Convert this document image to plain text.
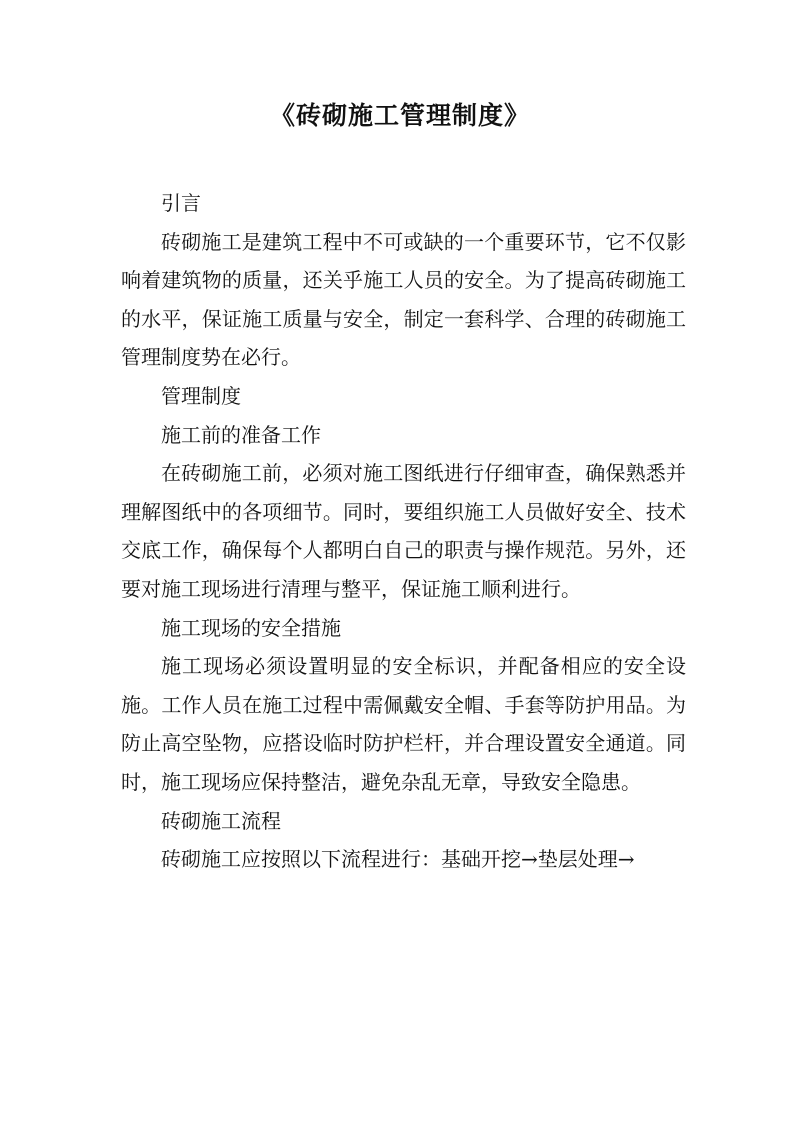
《砖砌施工管理制度》

引言

砖砌施工是建筑工程中不可或缺的一个重要环节，它不仅影响着建筑物的质量，还关乎施工人员的安全。为了提高砖砌施工的水平，保证施工质量与安全，制定一套科学、合理的砖砌施工管理制度势在必行。

管理制度

施工前的准备工作

在砖砌施工前，必须对施工图纸进行仔细审查，确保熟悉并理解图纸中的各项细节。同时，要组织施工人员做好安全、技术交底工作，确保每个人都明白自己的职责与操作规范。另外，还要对施工现场进行清理与整平，保证施工顺利进行。

施工现场的安全措施

施工现场必须设置明显的安全标识，并配备相应的安全设施。工作人员在施工过程中需佩戴安全帽、手套等防护用品。为防止高空坠物，应搭设临时防护栏杆，并合理设置安全通道。同时，施工现场应保持整洁，避免杂乱无章，导致安全隐患。

砖砌施工流程

砖砌施工应按照以下流程进行：基础开挖→垫层处理→
